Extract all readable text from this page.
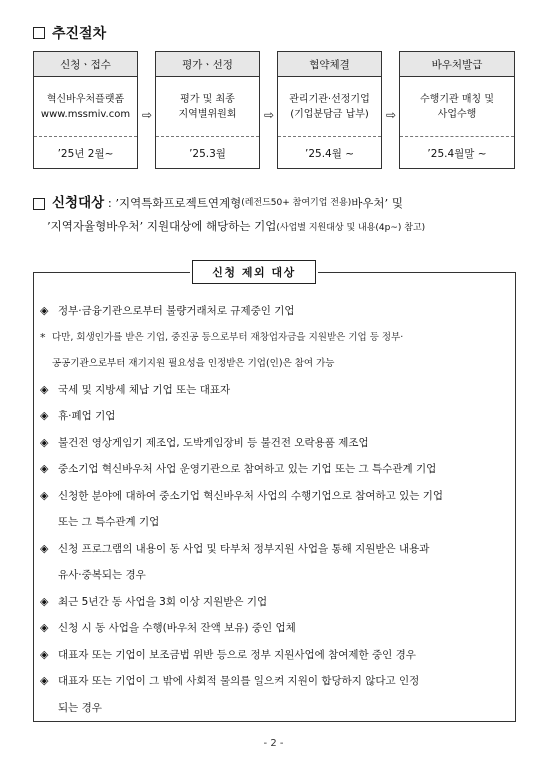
추진절차
신청ㆍ접수
혁신바우처플랫폼
www.mssmiv.com
’25년 2월~
⇨
평가ㆍ선정
평가 및 최종
지역별위원회
’25.3월
⇨
협약체결
관리기관·선정기업
(기업분담금 납부)
’25.4월 ~
⇨
바우처발급
수행기관 매칭 및
사업수행
’25.4월말 ~
신청대상 : ’지역특화프로젝트연계형 (레전드50+ 참여기업 전용) 바우처’ 및
’지역자율형바우처’ 지원대상에 해당하는 기업(사업별 지원대상 및 내용(4p~) 참고)
신청 제외 대상
◈ 정부·금융기관으로부터 불량거래처로 규제중인 기업
* 다만, 회생인가를 받은 기업, 중진공 등으로부터 재창업자금을 지원받은 기업 등 정부·
공공기관으로부터 재기지원 필요성을 인정받은 기업(인)은 참여 가능
◈ 국세 및 지방세 체납 기업 또는 대표자
◈ 휴·폐업 기업
◈ 불건전 영상게임기 제조업, 도박게임장비 등 불건전 오락용품 제조업
◈ 중소기업 혁신바우처 사업 운영기관으로 참여하고 있는 기업 또는 그 특수관계 기업
◈ 신청한 분야에 대하여 중소기업 혁신바우처 사업의 수행기업으로 참여하고 있는 기업
또는 그 특수관계 기업
◈ 신청 프로그램의 내용이 동 사업 및 타부처 정부지원 사업을 통해 지원받은 내용과
유사·중복되는 경우
◈ 최근 5년간 동 사업을 3회 이상 지원받은 기업
◈ 신청 시 동 사업을 수행(바우처 잔액 보유) 중인 업체
◈ 대표자 또는 기업이 보조금법 위반 등으로 정부 지원사업에 참여제한 중인 경우
◈ 대표자 또는 기업이 그 밖에 사회적 물의를 일으켜 지원이 합당하지 않다고 인정
되는 경우
- 2 -
